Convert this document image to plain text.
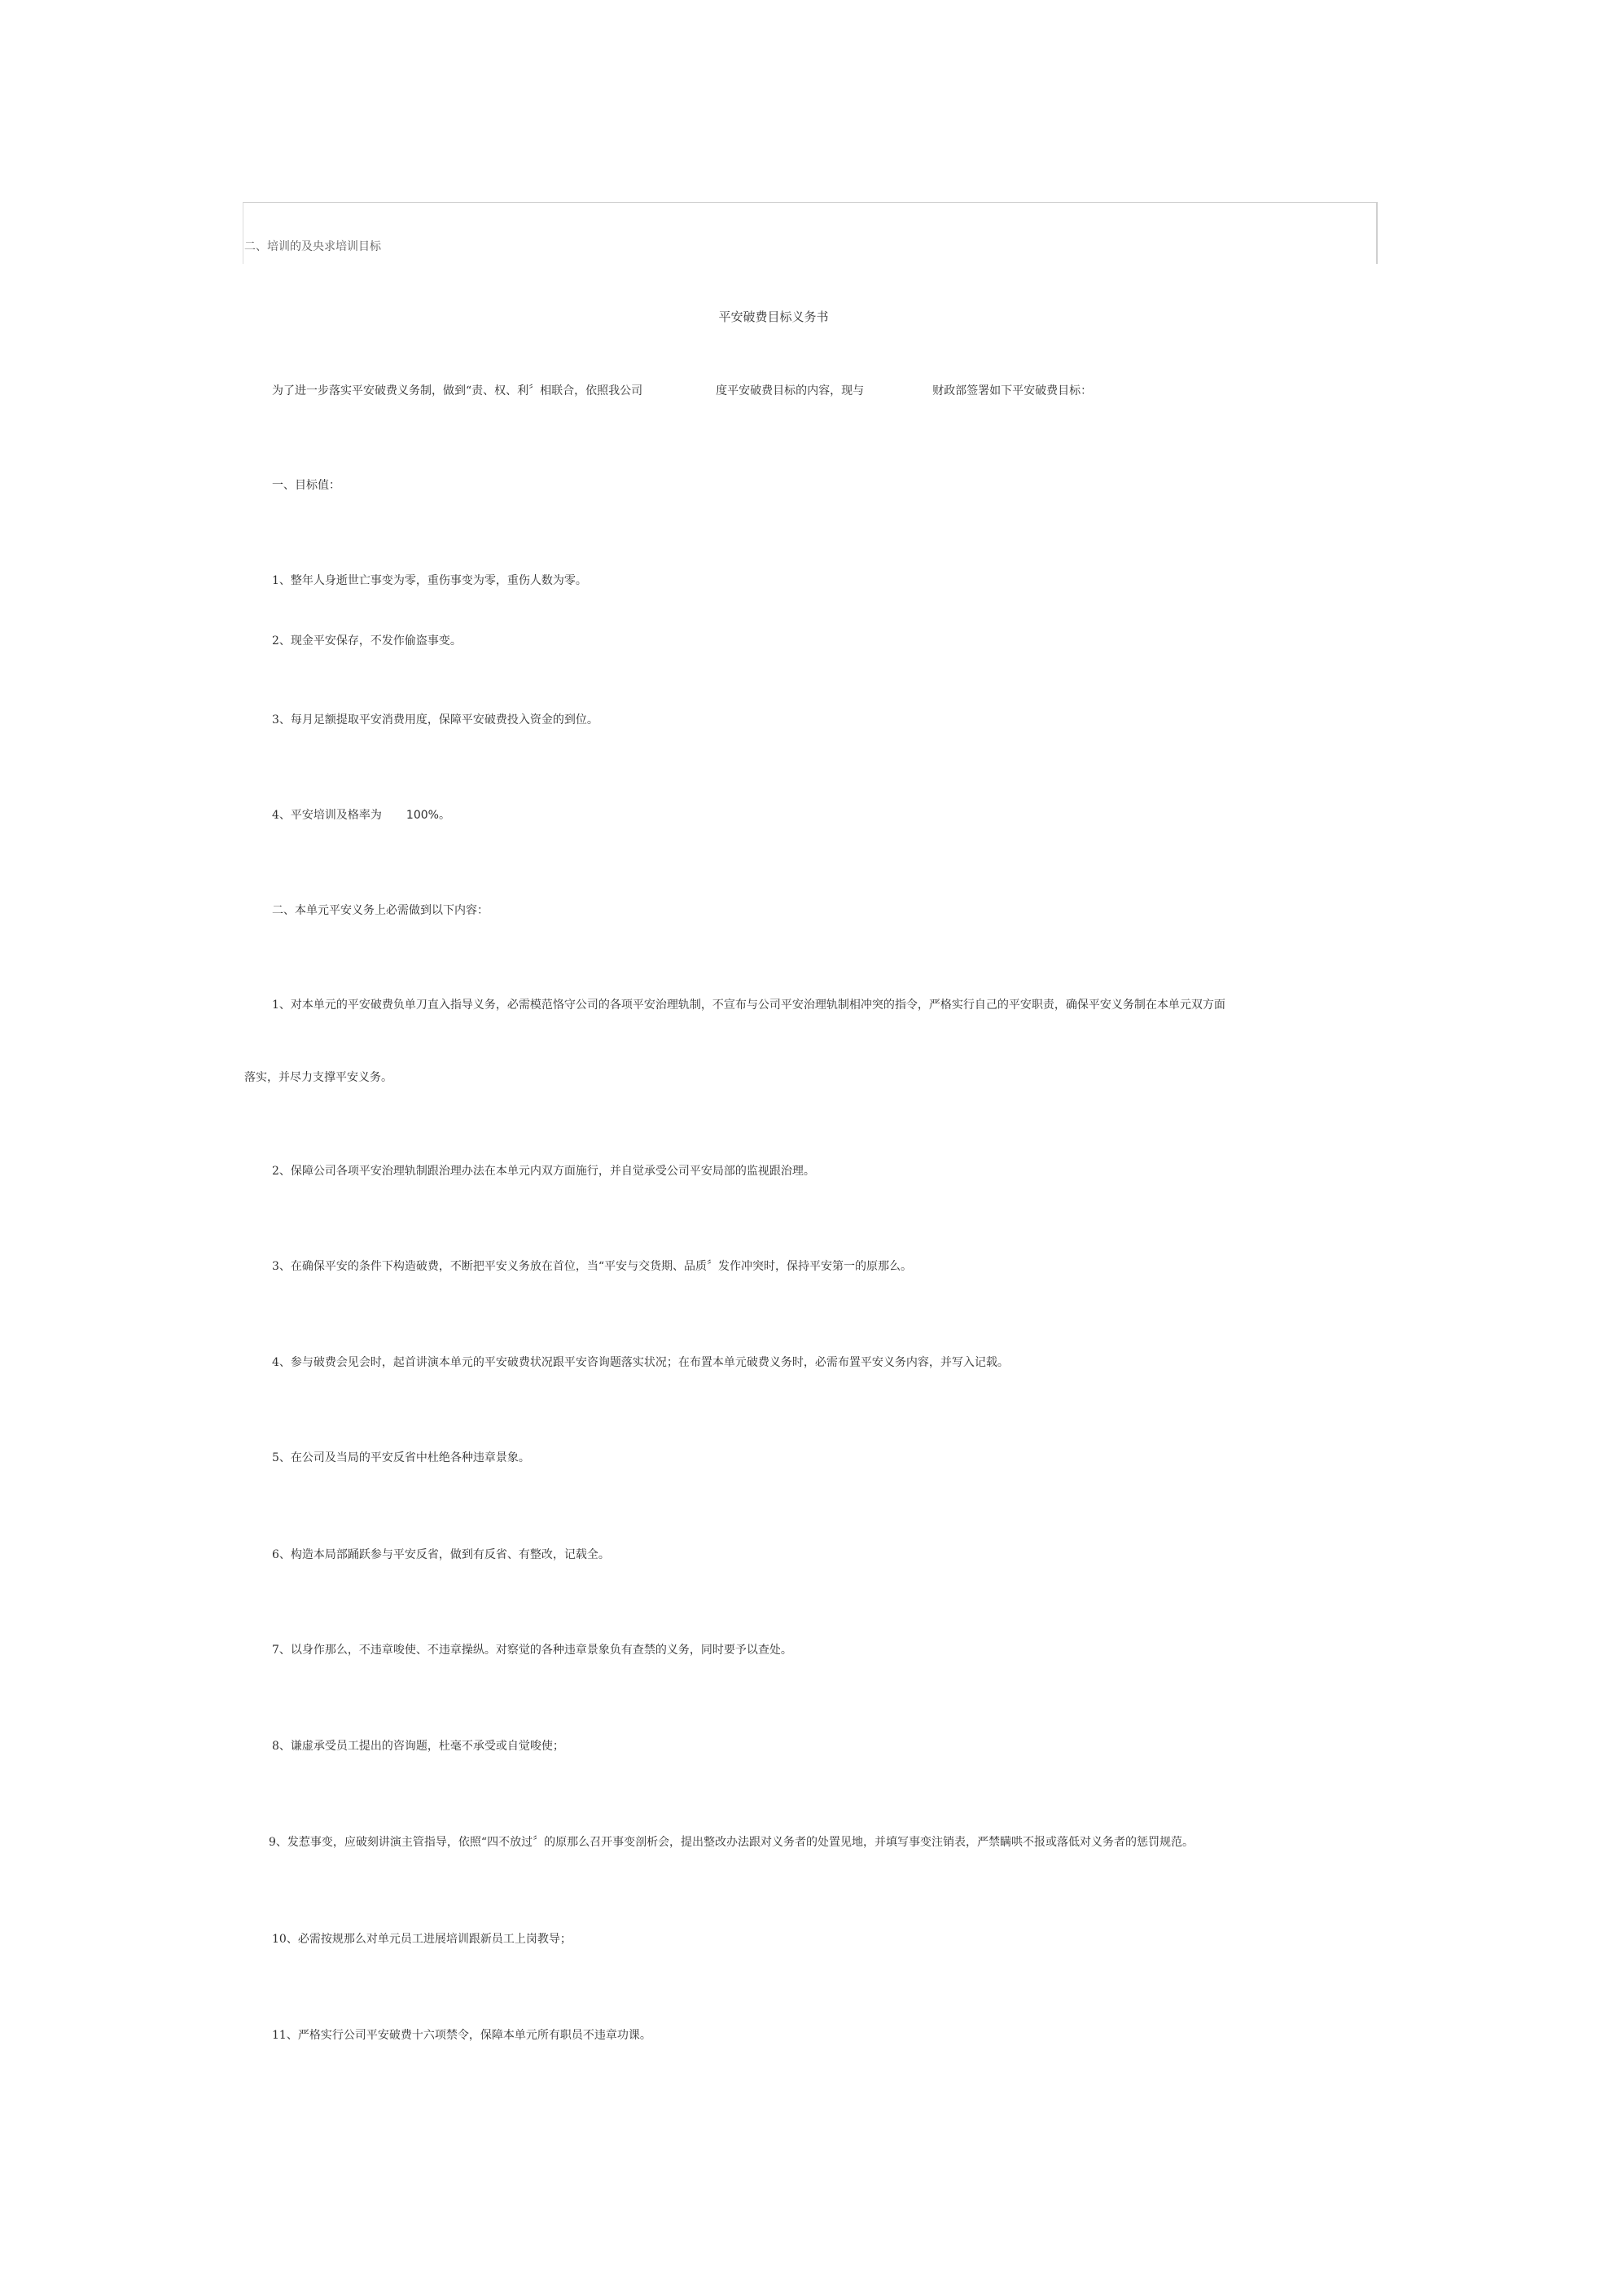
二、培训的及央求培训目标
平安破费目标义务书
为了进一步落实平安破费义务制，做到“责、权、利〞相联合，依照我公司	度平安破费目标的内容，现与	财政部签署如下平安破费目标：
一、目标值：
1、整年人身逝世亡事变为零，重伤事变为零，重伤人数为零。
2、现金平安保存，不发作偷盗事变。
3、每月足额提取平安消费用度，保障平安破费投入资金的到位。
4、平安培训及格率为 100%。
二、本单元平安义务上必需做到以下内容：
1、对本单元的平安破费负单刀直入指导义务，必需模范恪守公司的各项平安治理轨制，不宣布与公司平安治理轨制相冲突的指令，严格实行自己的平安职责，确保平安义务制在本单元双方面
落实，并尽力支撑平安义务。
2、保障公司各项平安治理轨制跟治理办法在本单元内双方面施行，并自觉承受公司平安局部的监视跟治理。
3、在确保平安的条件下构造破费，不断把平安义务放在首位，当“平安与交货期、品质〞发作冲突时，保持平安第一的原那么。
4、参与破费会见会时，起首讲演本单元的平安破费状况跟平安咨询题落实状况；在布置本单元破费义务时，必需布置平安义务内容，并写入记载。
5、在公司及当局的平安反省中杜绝各种违章景象。
6、构造本局部踊跃参与平安反省，做到有反省、有整改，记载全。
7、以身作那么，不违章唆使、不违章操纵。对察觉的各种违章景象负有查禁的义务，同时要予以查处。
8、谦虚承受员工提出的咨询题，杜毫不承受或自觉唆使；
9、发惹事变，应破刻讲演主管指导，依照“四不放过〞的原那么召开事变剖析会，提出整改办法跟对义务者的处置见地，并填写事变注销表，严禁瞒哄不报或落低对义务者的惩罚规范。
10、必需按规那么对单元员工进展培训跟新员工上岗教导；
11、严格实行公司平安破费十六项禁令，保障本单元所有职员不违章功课。
